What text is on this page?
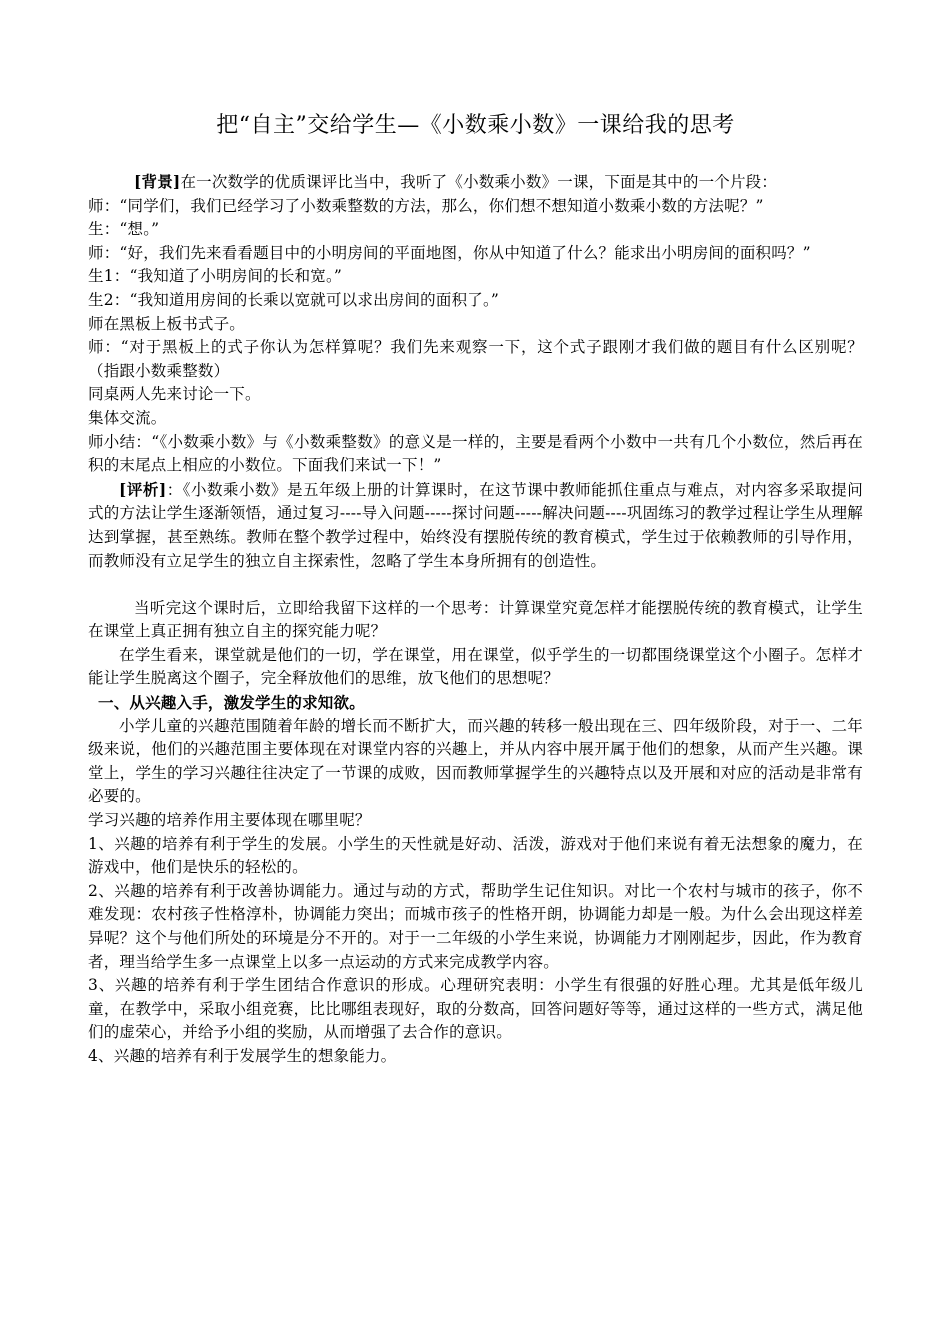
把“自主”交给学生—《小数乘小数》一课给我的思考

[背景]在一次数学的优质课评比当中，我听了《小数乘小数》一课，下面是其中的一个片段：

师：“同学们，我们已经学习了小数乘整数的方法，那么，你们想不想知道小数乘小数的方法呢？”

生：“想。”

师：“好，我们先来看看题目中的小明房间的平面地图，你从中知道了什么？能求出小明房间的面积吗？”

生1：“我知道了小明房间的长和宽。”

生2：“我知道用房间的长乘以宽就可以求出房间的面积了。”

师在黑板上板书式子。

师：“对于黑板上的式子你认为怎样算呢？我们先来观察一下，这个式子跟刚才我们做的题目有什么区别呢？（指跟小数乘整数）

同桌两人先来讨论一下。

集体交流。

师小结：“《小数乘小数》与《小数乘整数》的意义是一样的，主要是看两个小数中一共有几个小数位，然后再在积的末尾点上相应的小数位。下面我们来试一下！”

[评析]：《小数乘小数》是五年级上册的计算课时，在这节课中教师能抓住重点与难点，对内容多采取提问式的方法让学生逐渐领悟，通过复习----导入问题-----探讨问题-----解决问题----巩固练习的教学过程让学生从理解达到掌握，甚至熟练。教师在整个教学过程中，始终没有摆脱传统的教育模式，学生过于依赖教师的引导作用，而教师没有立足学生的独立自主探索性，忽略了学生本身所拥有的创造性。

当听完这个课时后，立即给我留下这样的一个思考：计算课堂究竟怎样才能摆脱传统的教育模式，让学生在课堂上真正拥有独立自主的探究能力呢？

在学生看来，课堂就是他们的一切，学在课堂，用在课堂，似乎学生的一切都围绕课堂这个小圈子。怎样才能让学生脱离这个圈子，完全释放他们的思维，放飞他们的思想呢？

一、从兴趣入手，激发学生的求知欲。

小学儿童的兴趣范围随着年龄的增长而不断扩大，而兴趣的转移一般出现在三、四年级阶段，对于一、二年级来说，他们的兴趣范围主要体现在对课堂内容的兴趣上，并从内容中展开属于他们的想象，从而产生兴趣。课堂上，学生的学习兴趣往往决定了一节课的成败，因而教师掌握学生的兴趣特点以及开展和对应的活动是非常有必要的。

学习兴趣的培养作用主要体现在哪里呢？

1、兴趣的培养有利于学生的发展。小学生的天性就是好动、活泼，游戏对于他们来说有着无法想象的魔力，在游戏中，他们是快乐的轻松的。

2、兴趣的培养有利于改善协调能力。通过与动的方式，帮助学生记住知识。对比一个农村与城市的孩子，你不难发现：农村孩子性格淳朴，协调能力突出；而城市孩子的性格开朗，协调能力却是一般。为什么会出现这样差异呢？这个与他们所处的环境是分不开的。对于一二年级的小学生来说，协调能力才刚刚起步，因此，作为教育者，理当给学生多一点课堂上以多一点运动的方式来完成教学内容。

3、兴趣的培养有利于学生团结合作意识的形成。心理研究表明：小学生有很强的好胜心理。尤其是低年级儿童，在教学中，采取小组竞赛，比比哪组表现好，取的分数高，回答问题好等等，通过这样的一些方式，满足他们的虚荣心，并给予小组的奖励，从而增强了去合作的意识。

4、兴趣的培养有利于发展学生的想象能力。
